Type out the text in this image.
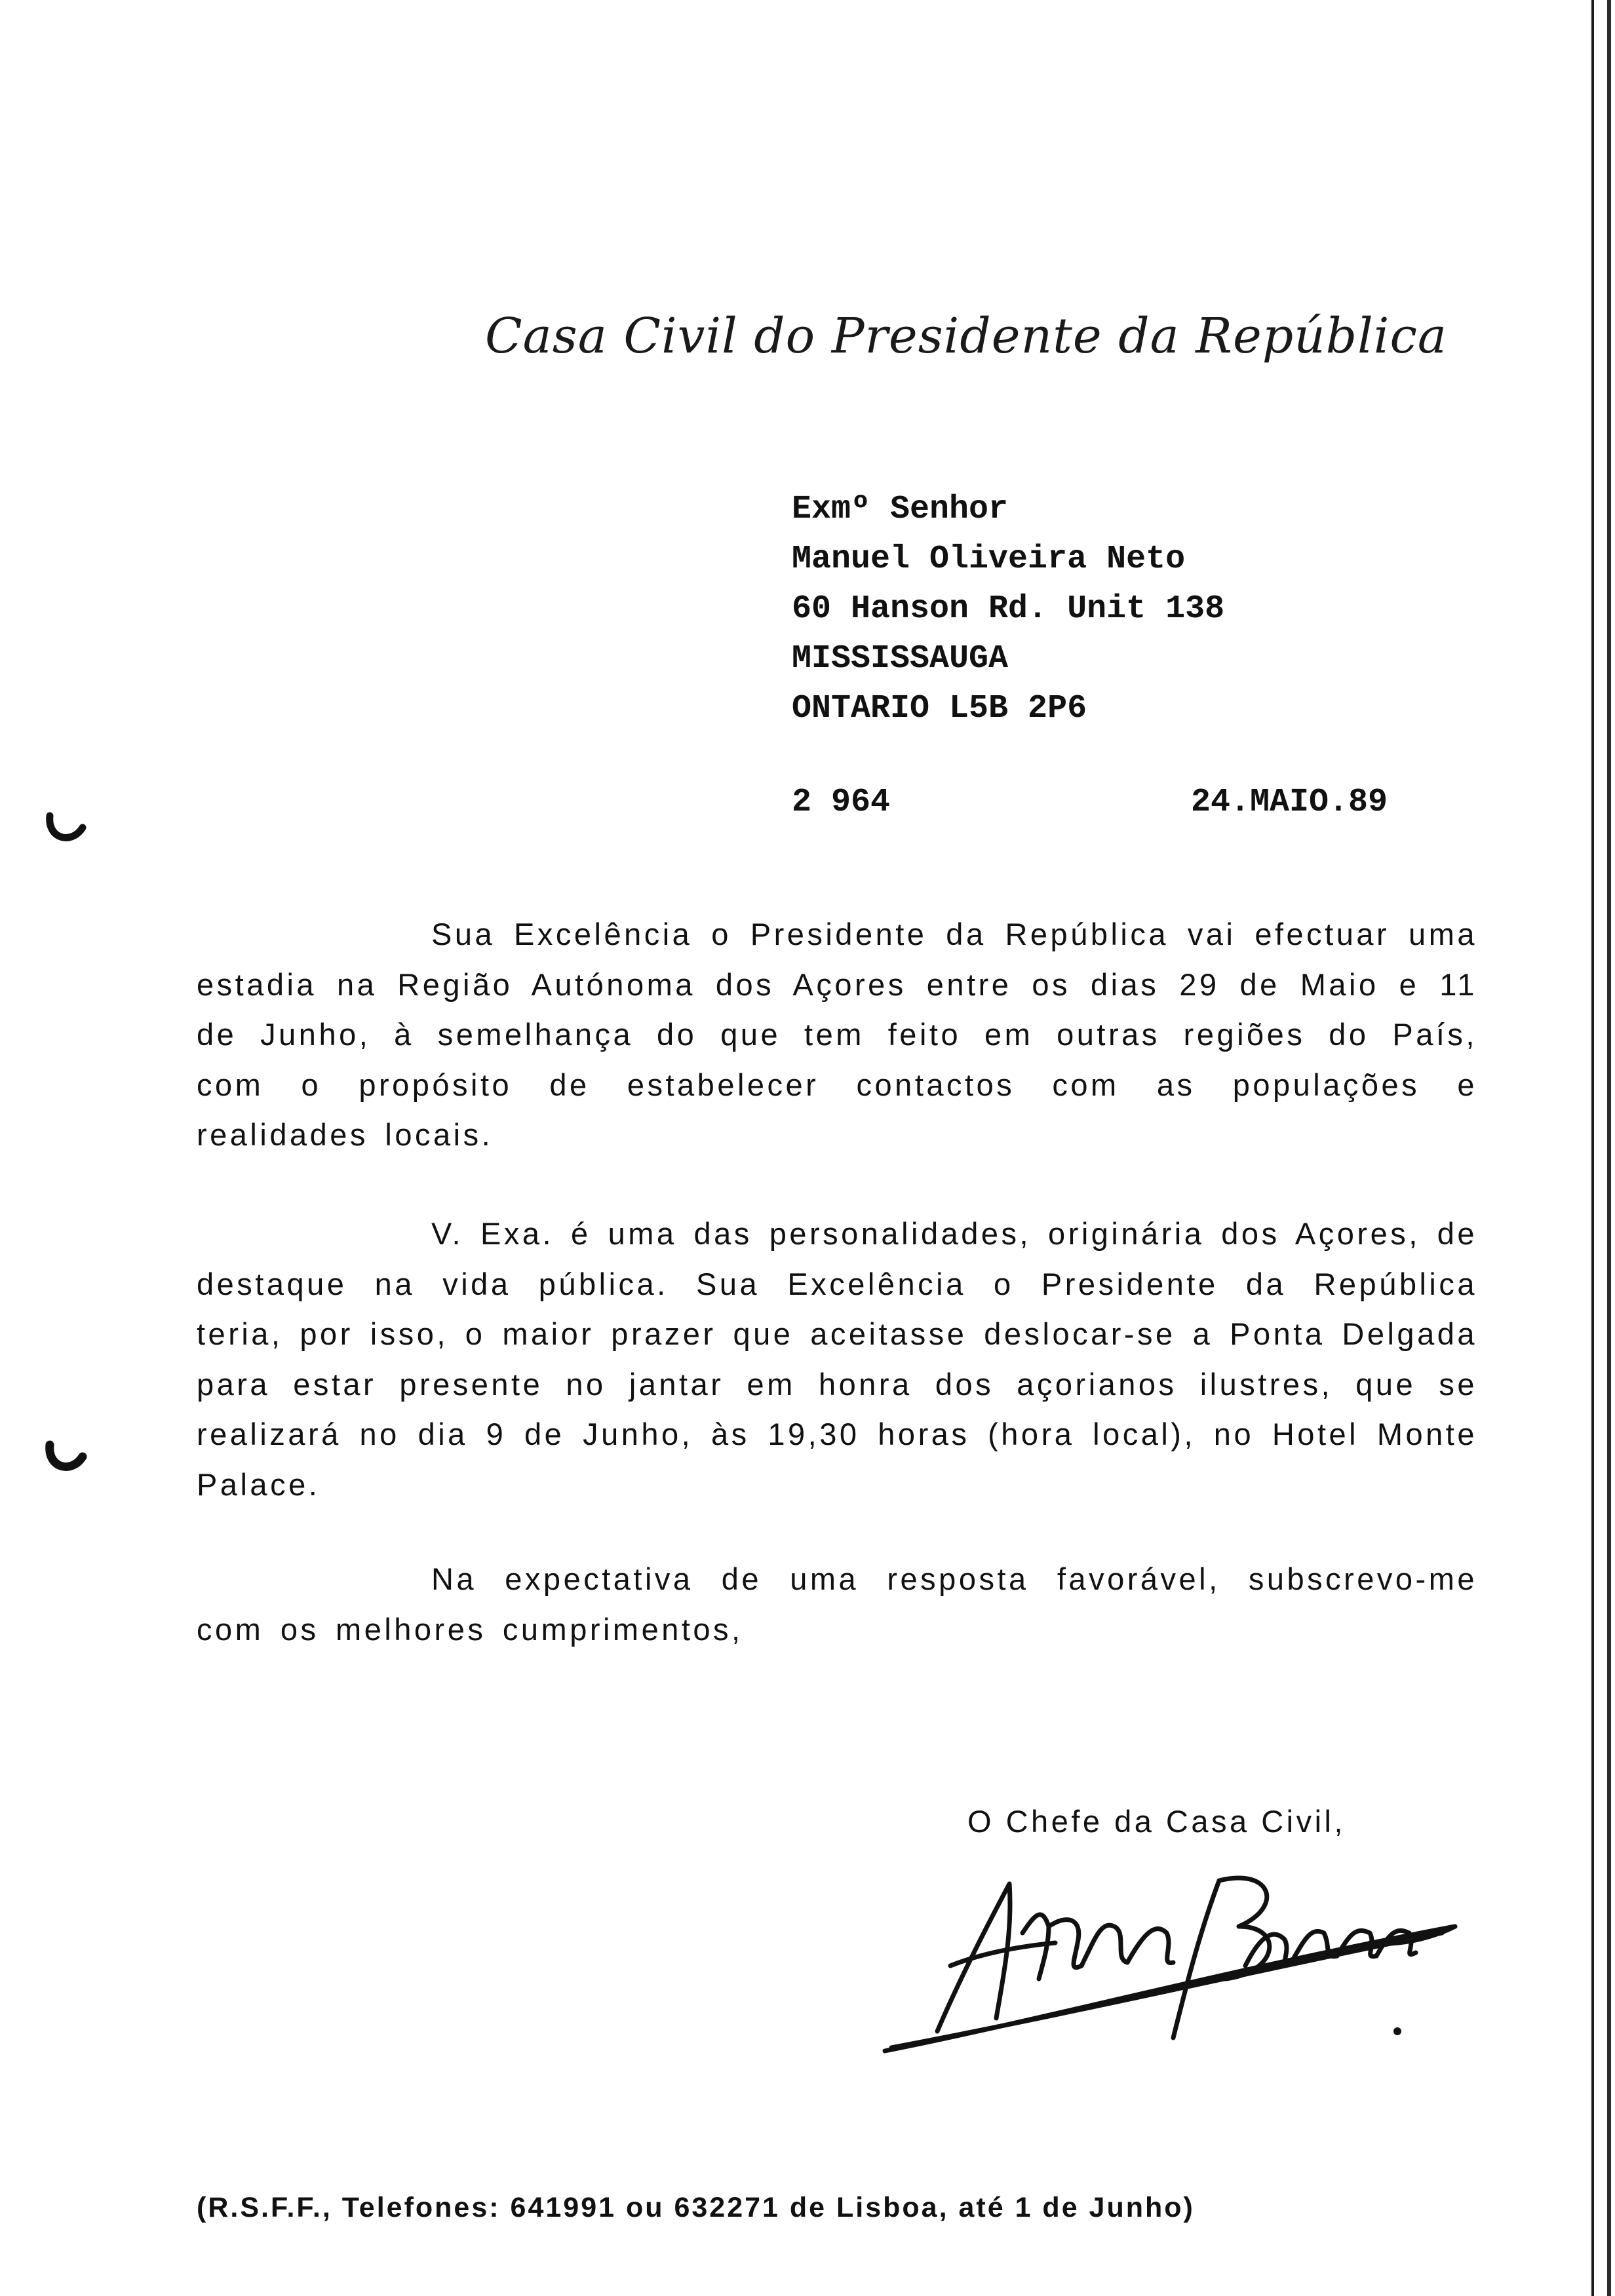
Casa Civil do Presidente da República
Exmº Senhor
Manuel Oliveira Neto
60 Hanson Rd. Unit 138
MISSISSAUGA
ONTARIO L5B 2P6
2 964	24.MAIO.89
Sua Excelência o Presidente da República vai efectuar uma estadia na Região Autónoma dos Açores entre os dias 29 de Maio e 11 de Junho, à semelhança do que tem feito em outras regiões do País, com o propósito de estabelecer contactos com as populações e realidades locais.
V. Exa. é uma das personalidades, originária dos Açores, de destaque na vida pública. Sua Excelência o Presidente da República teria, por isso, o maior prazer que aceitasse deslocar-se a Ponta Delgada para estar presente no jantar em honra dos açorianos ilustres, que se realizará no dia 9 de Junho, às 19,30 horas (hora local), no Hotel Monte Palace.
Na expectativa de uma resposta favorável, subscrevo-me com os melhores cumprimentos,
O Chefe da Casa Civil,
(R.S.F.F., Telefones: 641991 ou 632271 de Lisboa, até 1 de Junho)
